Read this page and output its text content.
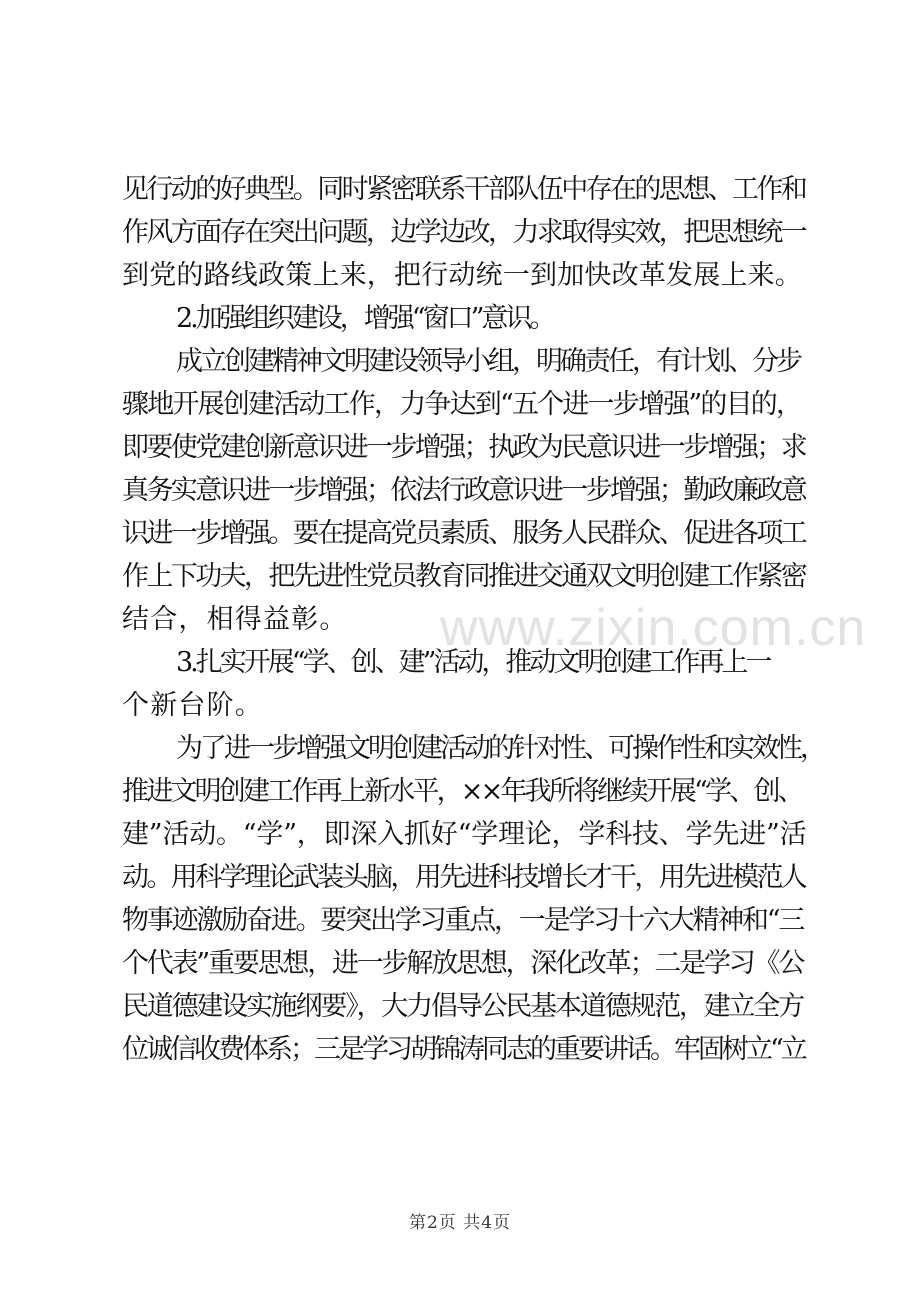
见行动的好典型。同时紧密联系干部队伍中存在的思想、工作和
作风方面存在突出问题，边学边改，力求取得实效，把思想统一
到党的路线政策上来，把行动统一到加快改革发展上来。
2.加强组织建设，增强“窗口”意识。
成立创建精神文明建设领导小组，明确责任，有计划、分步
骤地开展创建活动工作，力争达到“五个进一步增强”的目的，
即要使党建创新意识进一步增强；执政为民意识进一步增强；求
真务实意识进一步增强；依法行政意识进一步增强；勤政廉政意
识进一步增强。要在提高党员素质、服务人民群众、促进各项工
作上下功夫，把先进性党员教育同推进交通双文明创建工作紧密
结合，相得益彰。
3.扎实开展“学、创、建”活动，推动文明创建工作再上一
个新台阶。
为了进一步增强文明创建活动的针对性、可操作性和实效性，
推进文明创建工作再上新水平，××年我所将继续开展“学、创、
建”活动。“学”，即深入抓好“学理论，学科技、学先进”活
动。用科学理论武装头脑，用先进科技增长才干，用先进模范人
物事迹激励奋进。要突出学习重点，一是学习十六大精神和“三
个代表”重要思想，进一步解放思想，深化改革；二是学习《公
民道德建设实施纲要》，大力倡导公民基本道德规范，建立全方
位诚信收费体系；三是学习胡锦涛同志的重要讲话。牢固树立“立
www.zixin.com.cn
第2页 共4页
